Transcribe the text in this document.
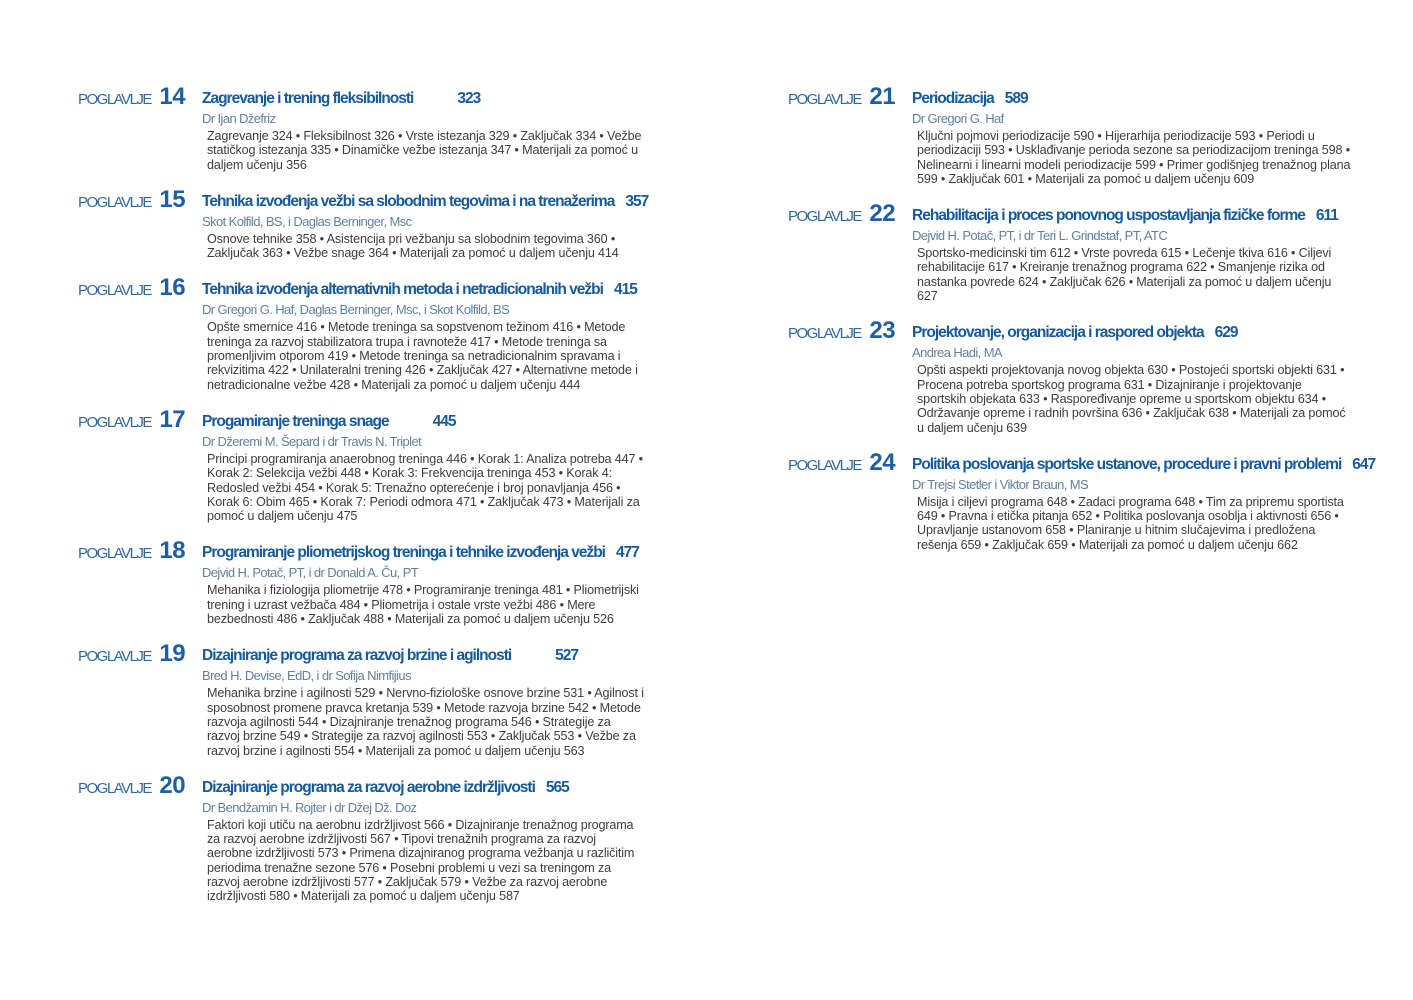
POGLAVLJE 14	Zagrevanje i trening fleksibilnosti	323

Dr Ijan Džefriz

Zagrevanje 324 • Fleksibilnost 326 • Vrste istezanja 329 • Zaključak 334 • Vežbe statičkog istezanja 335 • Dinamičke vežbe istezanja 347 • Materijali za pomoć u daljem učenju 356

POGLAVLJE 15	Tehnika izvođenja vežbi sa slobodnim tegovima i na trenažerima 357

Skot Kolfild, BS, i Daglas Berninger, Msc

Osnove tehnike 358 • Asistencija pri vežbanju sa slobodnim tegovima 360 • Zaključak 363 • Vežbe snage 364 • Materijali za pomoć u daljem učenju 414

POGLAVLJE 16	Tehnika izvođenja alternativnih metoda i netradicionalnih vežbi 415

Dr Gregori G. Haf, Daglas Berninger, Msc, i Skot Kolfild, BS

Opšte smernice 416 • Metode treninga sa sopstvenom težinom 416 • Metode treninga za razvoj stabilizatora trupa i ravnoteže 417 • Metode treninga sa promenljivim otporom 419 • Metode treninga sa netradicionalnim spravama i rekvizitima 422 • Unilateralni trening 426 • Zaključak 427 • Alternativne metode i netradicionalne vežbe 428 • Materijali za pomoć u daljem učenju 444

POGLAVLJE 17	Progamiranje treninga snage	445

Dr Džeremi M. Šepard i dr Travis N. Triplet

Principi programiranja anaerobnog treninga 446 • Korak 1: Analiza potreba 447 • Korak 2: Selekcija vežbi 448 • Korak 3: Frekvencija treninga 453 • Korak 4: Redosled vežbi 454 • Korak 5: Trenažno opterećenje i broj ponavljanja 456 • Korak 6: Obim 465 • Korak 7: Periodi odmora 471 • Zaključak 473 • Materijali za pomoć u daljem učenju 475

POGLAVLJE 18	Programiranje pliometrijskog treninga i tehnike izvođenja vežbi 477

Dejvid H. Potač, PT, i dr Donald A. Ču, PT

Mehanika i fiziologija pliometrije 478 • Programiranje treninga 481 • Pliometrijski trening i uzrast vežbača 484 • Pliometrija i ostale vrste vežbi 486 • Mere bezbednosti 486 • Zaključak 488 • Materijali za pomoć u daljem učenju 526

POGLAVLJE 19	Dizajniranje programa za razvoj brzine i agilnosti	527

Bred H. Devise, EdD, i dr Sofija Nimfijius

Mehanika brzine i agilnosti 529 • Nervno-fiziološke osnove brzine 531 • Agilnost i sposobnost promene pravca kretanja 539 • Metode razvoja brzine 542 • Metode razvoja agilnosti 544 • Dizajniranje trenažnog programa 546 • Strategije za razvoj brzine 549 • Strategije za razvoj agilnosti 553 • Zaključak 553 • Vežbe za razvoj brzine i agilnosti 554 • Materijali za pomoć u daljem učenju 563

POGLAVLJE 20	Dizajniranje programa za razvoj aerobne izdržljivosti 565

Dr Bendžamin H. Rojter i dr Džej Dž. Doz

Faktori koji utiču na aerobnu izdržljivost 566 • Dizajniranje trenažnog programa za razvoj aerobne izdržljivosti 567 • Tipovi trenažnih programa za razvoj aerobne izdržljivosti 573 • Primena dizajniranog programa vežbanja u različitim periodima trenažne sezone 576 • Posebni problemi u vezi sa treningom za razvoj aerobne izdržljivosti 577 • Zaključak 579 • Vežbe za razvoj aerobne izdržljivosti 580 • Materijali za pomoć u daljem učenju 587

POGLAVLJE 21	Periodizacija 589

Dr Gregori G. Haf

Ključni pojmovi periodizacije 590 • Hijerarhija periodizacije 593 • Periodi u periodizaciji 593 • Usklađivanje perioda sezone sa periodizacijom treninga 598 • Nelinearni i linearni modeli periodizacije 599 • Primer godišnjeg trenažnog plana 599 • Zaključak 601 • Materijali za pomoć u daljem učenju 609

POGLAVLJE 22	Rehabilitacija i proces ponovnog uspostavljanja fizičke forme 611

Dejvid H. Potač, PT, i dr Teri L. Grindstaf, PT, ATC

Sportsko-medicinski tim 612 • Vrste povreda 615 • Lečenje tkiva 616 • Ciljevi rehabilitacije 617 • Kreiranje trenažnog programa 622 • Smanjenje rizika od nastanka povrede 624 • Zaključak 626 • Materijali za pomoć u daljem učenju 627

POGLAVLJE 23	Projektovanje, organizacija i raspored objekta 629

Andrea Hadi, MA

Opšti aspekti projektovanja novog objekta 630 • Postojeći sportski objekti 631 • Procena potreba sportskog programa 631 • Dizajniranje i projektovanje sportskih objekata 633 • Raspoređivanje opreme u sportskom objektu 634 • Održavanje opreme i radnih površina 636 • Zaključak 638 • Materijali za pomoć u daljem učenju 639

POGLAVLJE 24	Politika poslovanja sportske ustanove, procedure i pravni problemi 647

Dr Trejsi Stetler i Viktor Braun, MS

Misija i ciljevi programa 648 • Zadaci programa 648 • Tim za pripremu sportista 649 • Pravna i etička pitanja 652 • Politika poslovanja osoblja i aktivnosti 656 • Upravljanje ustanovom 658 • Planiranje u hitnim slučajevima i predložena rešenja 659 • Zaključak 659 • Materijali za pomoć u daljem učenju 662
